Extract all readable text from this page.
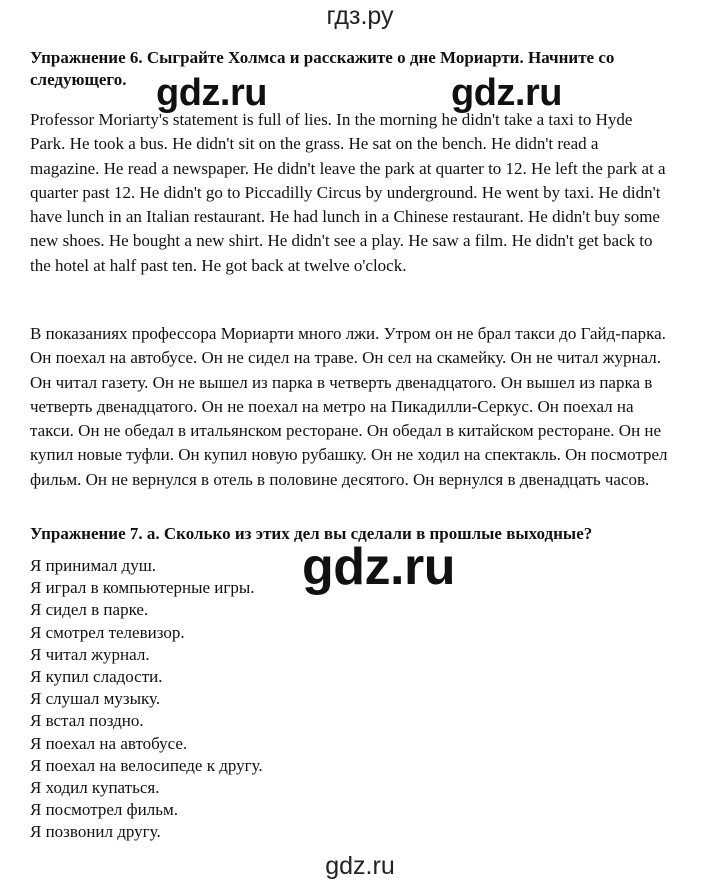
гдз.ру
Упражнение 6. Сыграйте Холмса и расскажите о дне Мориарти. Начните со следующего.

Professor Moriarty's statement is full of lies. In the morning he didn't take a taxi to Hyde Park. He took a bus. He didn't sit on the grass. He sat on the bench. He didn't read a magazine. He read a newspaper. He didn't leave the park at quarter to 12. He left the park at a quarter past 12. He didn't go to Piccadilly Circus by underground. He went by taxi. He didn't have lunch in an Italian restaurant. He had lunch in a Chinese restaurant. He didn't buy some new shoes. He bought a new shirt. He didn't see a play. He saw a film. He didn't get back to the hotel at half past ten. He got back at twelve o'clock.

В показаниях профессора Мориарти много лжи. Утром он не брал такси до Гайд-парка. Он поехал на автобусе. Он не сидел на траве. Он сел на скамейку. Он не читал журнал. Он читал газету. Он не вышел из парка в четверть двенадцатого. Он вышел из парка в четверть двенадцатого. Он не поехал на метро на Пикадилли-Серкус. Он поехал на такси. Он не обедал в итальянском ресторане. Он обедал в китайском ресторане. Он не купил новые туфли. Он купил новую рубашку. Он не ходил на спектакль. Он посмотрел фильм. Он не вернулся в отель в половине десятого. Он вернулся в двенадцать часов.

Упражнение 7. а. Сколько из этих дел вы сделали в прошлые выходные?
Я принимал душ.
Я играл в компьютерные игры.
Я сидел в парке.
Я смотрел телевизор.
Я читал журнал.
Я купил сладости.
Я слушал музыку.
Я встал поздно.
Я поехал на автобусе.
Я поехал на велосипеде к другу.
Я ходил купаться.
Я посмотрел фильм.
Я позвонил другу.
gdz.ru	gdz.ru
gdz.ru
gdz.ru
